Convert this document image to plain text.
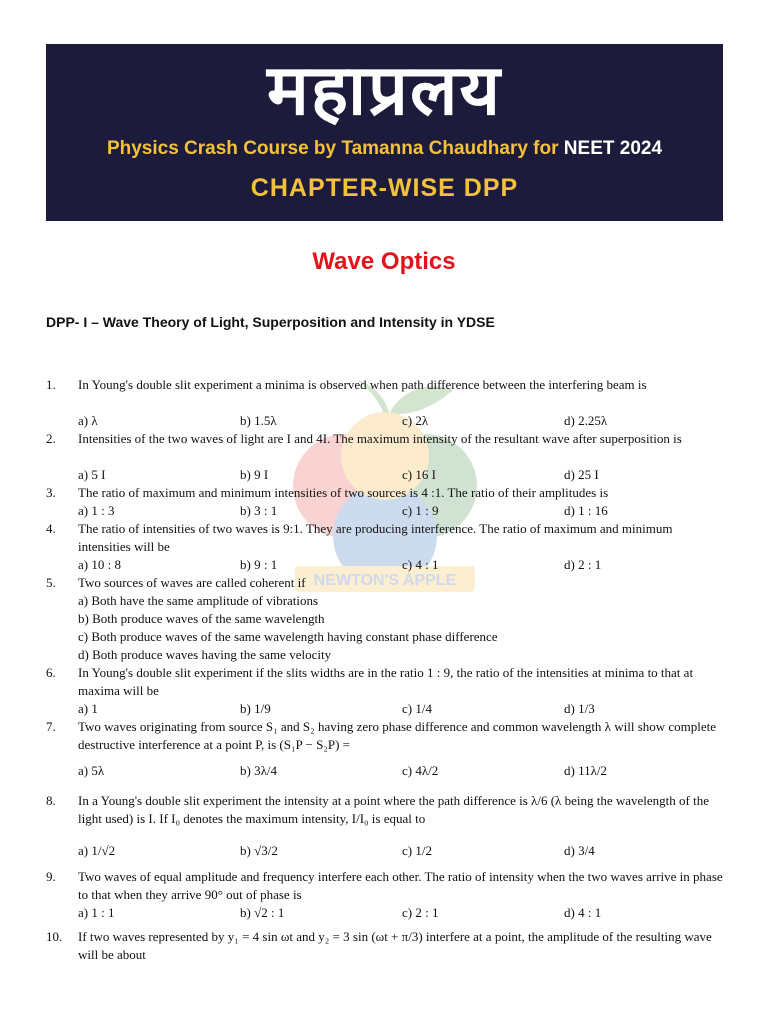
महाप्रलय
Physics Crash Course by Tamanna Chaudhary for NEET 2024
CHAPTER-WISE DPP
Wave Optics
DPP- I – Wave Theory of Light, Superposition and Intensity in YDSE
NEWTON'S APPLE
1.	In Young's double slit experiment a minima is observed when path difference between the interfering beam is
a) λ	b) 1.5λ	c) 2λ	d) 2.25λ
2.	Intensities of the two waves of light are I and 4I. The maximum intensity of the resultant wave after superposition is
a) 5 I	b) 9 I	c) 16 I	d) 25 I
3.	The ratio of maximum and minimum intensities of two sources is 4 :1. The ratio of their amplitudes is
a) 1 : 3	b) 3 : 1	c) 1 : 9	d) 1 : 16
4.	The ratio of intensities of two waves is 9:1. They are producing interference. The ratio of maximum and minimum intensities will be
a) 10 : 8	b) 9 : 1	c) 4 : 1	d) 2 : 1
5.	Two sources of waves are called coherent if
a) Both have the same amplitude of vibrations
b) Both produce waves of the same wavelength
c) Both produce waves of the same wavelength having constant phase difference
d) Both produce waves having the same velocity
6.	In Young's double slit experiment if the slits widths are in the ratio 1 : 9, the ratio of the intensities at minima to that at maxima will be
a) 1	b) 1/9	c) 1/4	d) 1/3
7.	Two waves originating from source S₁ and S₂ having zero phase difference and common wavelength λ will show complete destructive interference at a point P, is (S₁P − S₂P) =
a) 5λ	b) 3λ/4	c) 4λ/2	d) 11λ/2
8.	In a Young's double slit experiment the intensity at a point where the path difference is λ/6 (λ being the wavelength of the light used) is I. If I₀ denotes the maximum intensity, I/I₀ is equal to
a) 1/√2	b) √3/2	c) 1/2	d) 3/4
9.	Two waves of equal amplitude and frequency interfere each other. The ratio of intensity when the two waves arrive in phase to that when they arrive 90° out of phase is
a) 1 : 1	b) √2 : 1	c) 2 : 1	d) 4 : 1
10.	If two waves represented by y₁ = 4 sin ωt and y₂ = 3 sin (ωt + π/3) interfere at a point, the amplitude of the resulting wave will be about
